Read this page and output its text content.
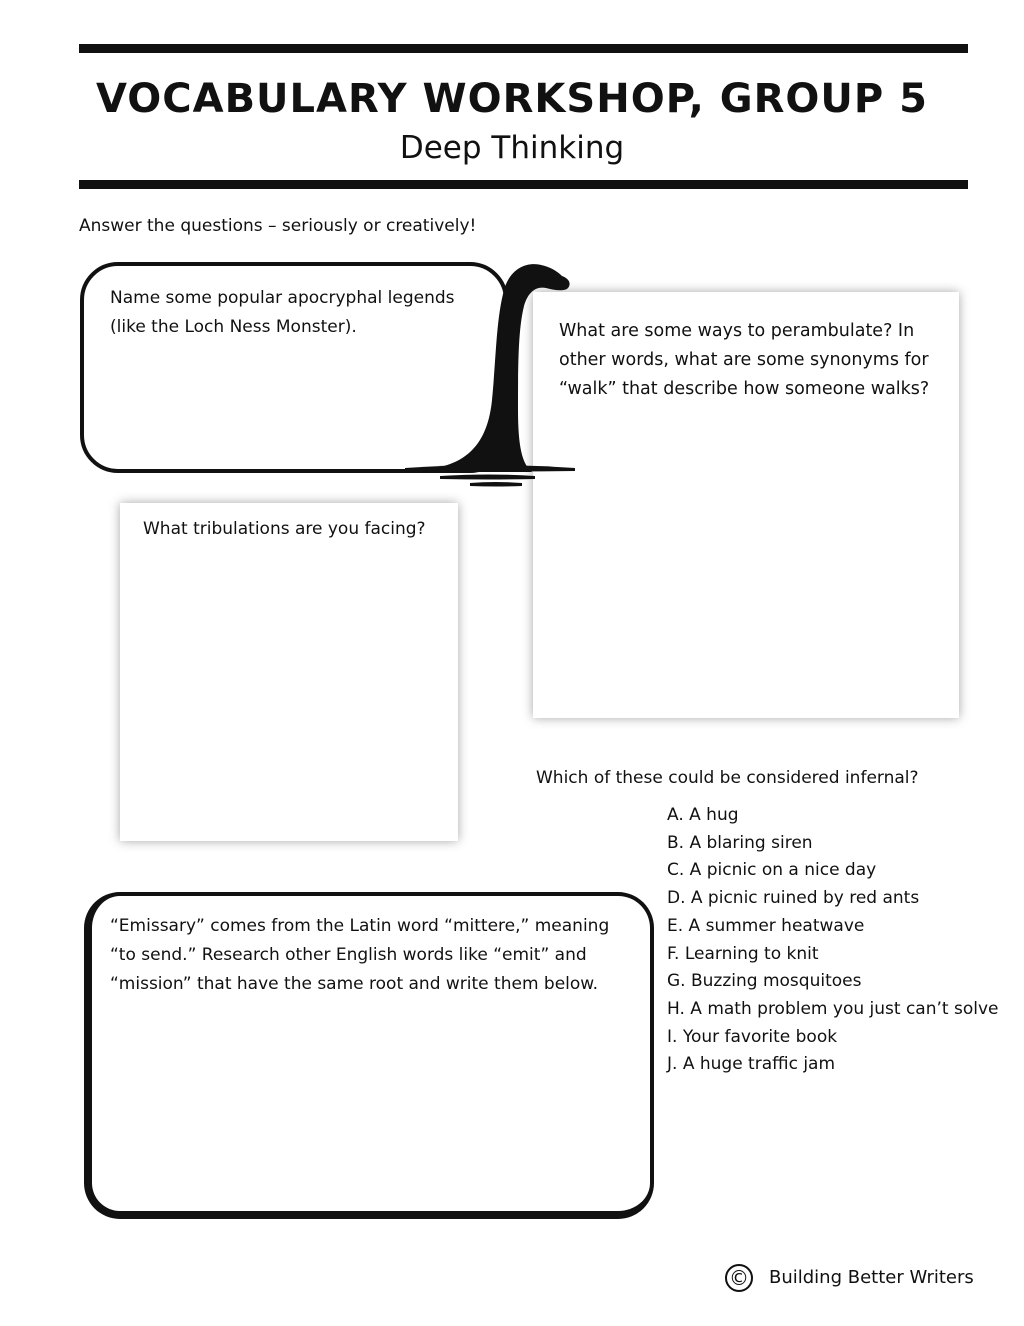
VOCABULARY WORKSHOP, GROUP 5
Deep Thinking
Answer the questions – seriously or creatively!
Name some popular apocryphal legends (like the Loch Ness Monster).	What are some ways to perambulate? In other words, what are some synonyms for “walk” that describe how someone walks?
What tribulations are you facing?
Which of these could be considered infernal?
A. A hug
B. A blaring siren
C. A picnic on a nice day
D. A picnic ruined by red ants
E. A summer heatwave
F. Learning to knit
G. Buzzing mosquitoes
H. A math problem you just can’t solve
I. Your favorite book
J. A huge traffic jam
“Emissary” comes from the Latin word “mittere,” meaning “to send.” Research other English words like “emit” and “mission” that have the same root and write them below.
© Building Better Writers
